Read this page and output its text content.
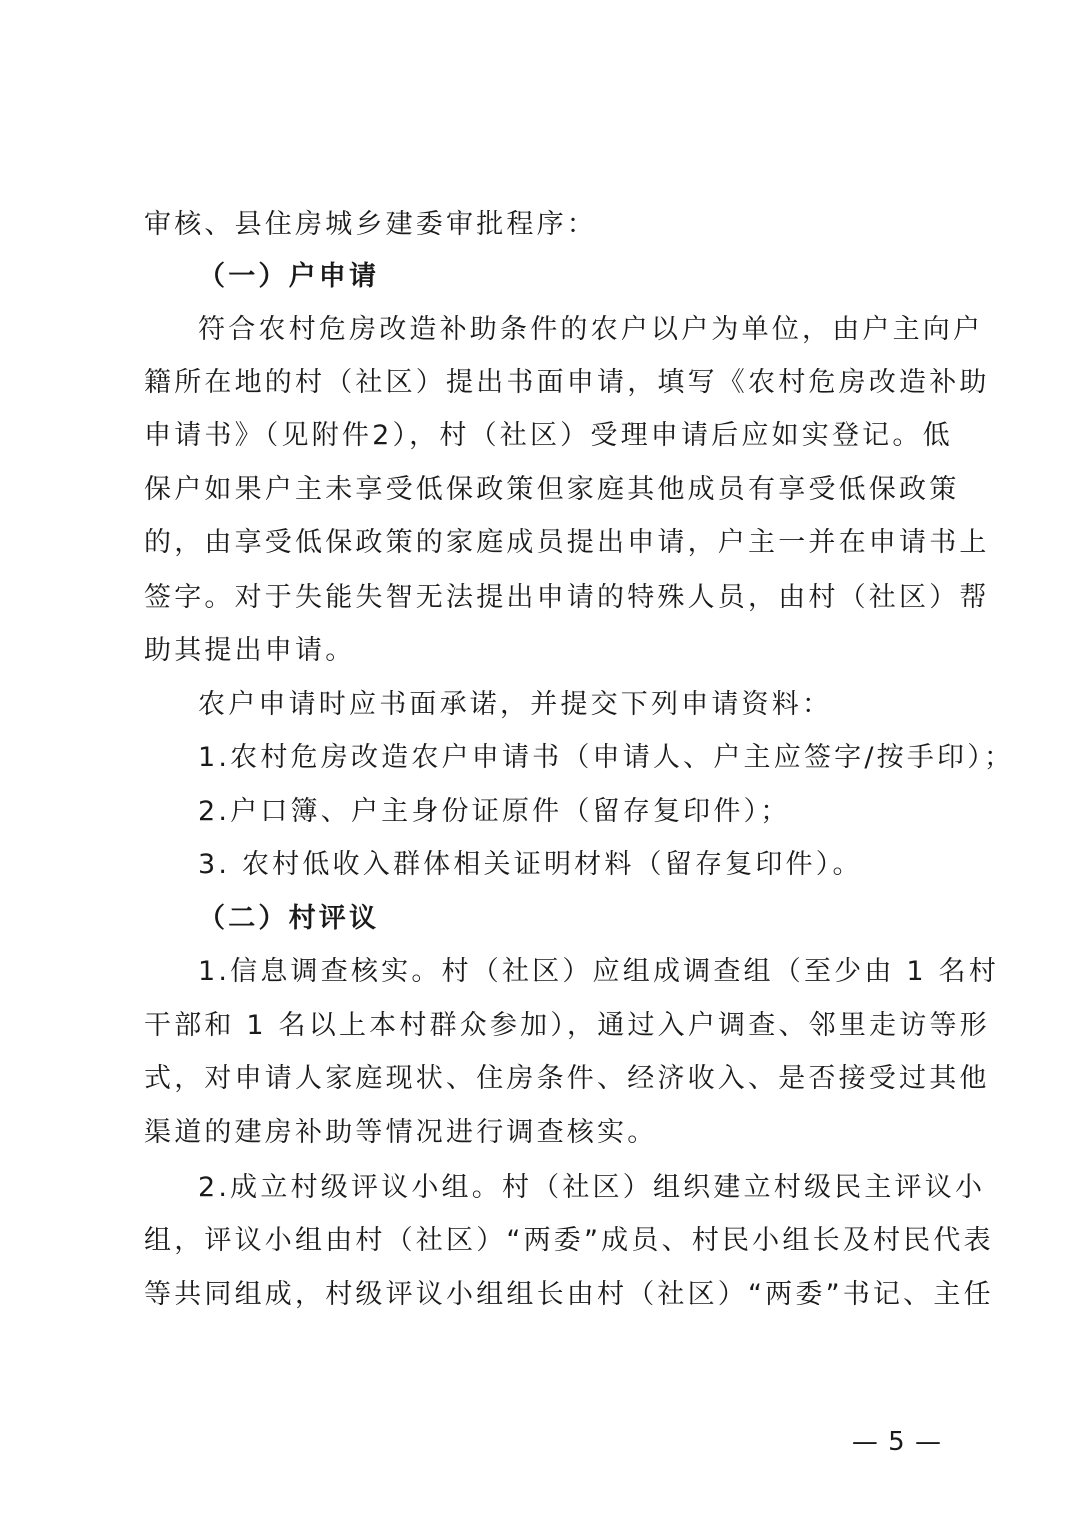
审核、县住房城乡建委审批程序：
（一）户申请
符合农村危房改造补助条件的农户以户为单位，由户主向户
籍所在地的村（社区）提出书面申请，填写《农村危房改造补助
申请书》（见附件2），村（社区）受理申请后应如实登记。低
保户如果户主未享受低保政策但家庭其他成员有享受低保政策
的，由享受低保政策的家庭成员提出申请，户主一并在申请书上
签字。对于失能失智无法提出申请的特殊人员，由村（社区）帮
助其提出申请。
农户申请时应书面承诺，并提交下列申请资料：
1.农村危房改造农户申请书（申请人、户主应签字/按手印）；
2.户口簿、户主身份证原件（留存复印件）；
3. 农村低收入群体相关证明材料（留存复印件）。
（二）村评议
1.信息调查核实。村（社区）应组成调查组（至少由 1 名村
干部和 1 名以上本村群众参加），通过入户调查、邻里走访等形
式，对申请人家庭现状、住房条件、经济收入、是否接受过其他
渠道的建房补助等情况进行调查核实。
2.成立村级评议小组。村（社区）组织建立村级民主评议小
组，评议小组由村（社区）“两委”成员、村民小组长及村民代表
等共同组成，村级评议小组组长由村（社区）“两委”书记、主任
— 5 —
